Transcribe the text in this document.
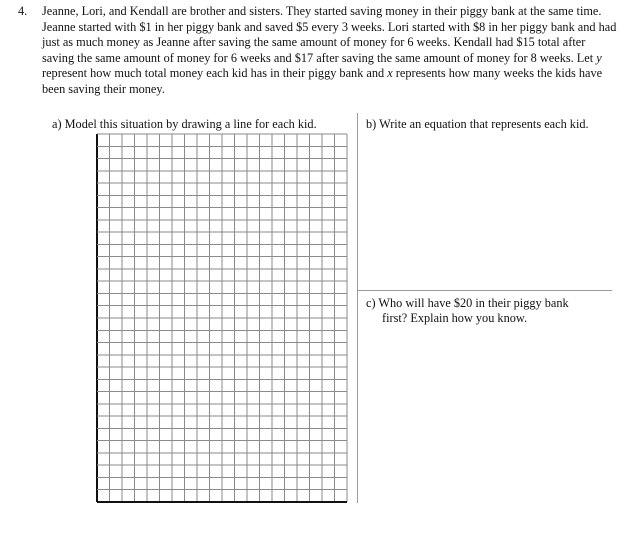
4. Jeanne, Lori, and Kendall are brother and sisters. They started saving money in their piggy bank at the same time. Jeanne started with $1 in her piggy bank and saved $5 every 3 weeks. Lori started with $8 in her piggy bank and had just as much money as Jeanne after saving the same amount of money for 6 weeks. Kendall had $15 total after saving the same amount of money for 6 weeks and $17 after saving the same amount of money for 8 weeks. Let y represent how much total money each kid has in their piggy bank and x represents how many weeks the kids have been saving their money.
a) Model this situation by drawing a line for each kid.	b) Write an equation that represents each kid.
c) Who will have $20 in their piggy bank
first? Explain how you know.
